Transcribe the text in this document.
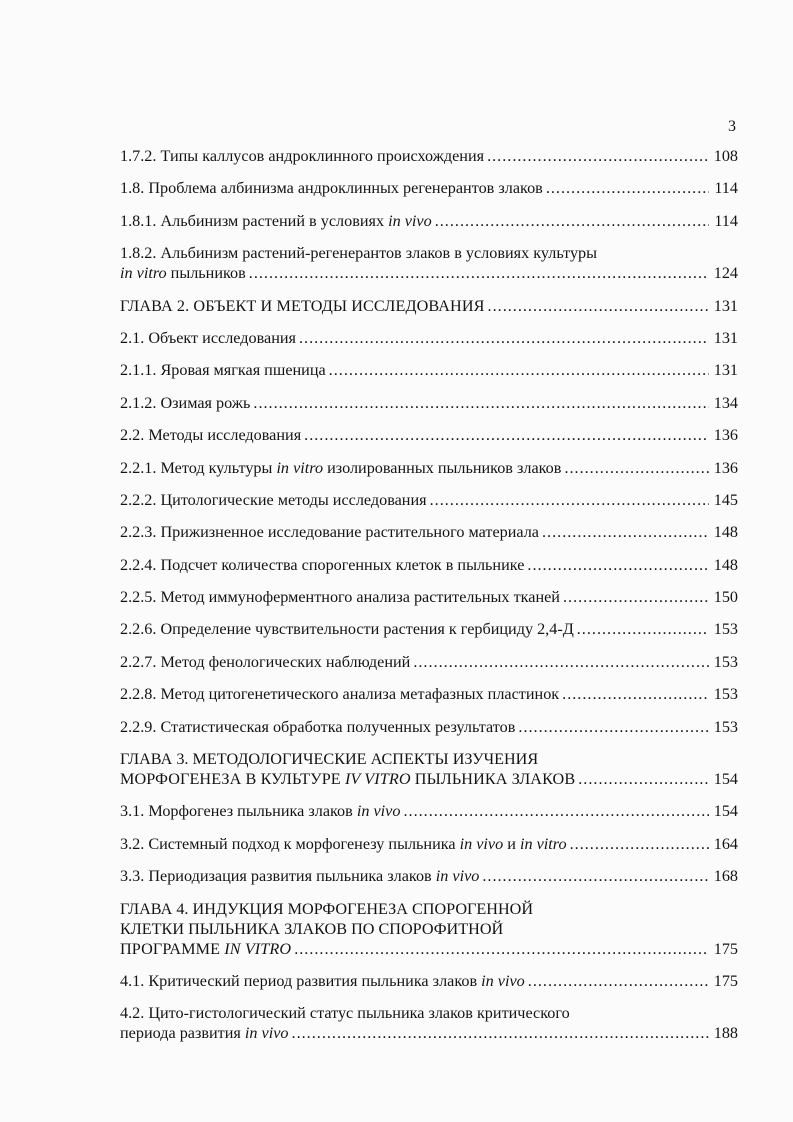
3
1.7.2. Типы каллусов андроклинного происхождения .....	108
1.8. Проблема албинизма андроклинных регенерантов злаков .....	114
1.8.1. Альбинизм растений в условиях in vivo .....	114
1.8.2. Альбинизм растений-регенерантов злаков в условиях культуры
in vitro пыльников .....	124
ГЛАВА 2. ОБЪЕКТ И МЕТОДЫ ИССЛЕДОВАНИЯ .....	131
2.1. Объект исследования .....	131
2.1.1. Яровая мягкая пшеница .....	131
2.1.2. Озимая рожь .....	134
2.2. Методы исследования .....	136
2.2.1. Метод культуры in vitro изолированных пыльников злаков .....	136
2.2.2. Цитологические методы исследования .....	145
2.2.3. Прижизненное исследование растительного материала .....	148
2.2.4. Подсчет количества спорогенных клеток в пыльнике .....	148
2.2.5. Метод иммуноферментного анализа растительных тканей .....	150
2.2.6. Определение чувствительности растения к гербициду 2,4-Д .....	153
2.2.7. Метод фенологических наблюдений .....	153
2.2.8. Метод цитогенетического анализа метафазных пластинок .....	153
2.2.9. Статистическая обработка полученных результатов .....	153
ГЛАВА 3. МЕТОДОЛОГИЧЕСКИЕ АСПЕКТЫ ИЗУЧЕНИЯ
МОРФОГЕНЕЗА В КУЛЬТУРЕ IV VITRO ПЫЛЬНИКА ЗЛАКОВ .....	154
3.1. Морфогенез пыльника злаков in vivo .....	154
3.2. Системный подход к морфогенезу пыльника in vivo и in vitro .....	164
3.3. Периодизация развития пыльника злаков in vivo .....	168
ГЛАВА 4. ИНДУКЦИЯ МОРФОГЕНЕЗА СПОРОГЕННОЙ
КЛЕТКИ ПЫЛЬНИКА ЗЛАКОВ ПО СПОРОФИТНОЙ
ПРОГРАММЕ IN VITRO .....	175
4.1. Критический период развития пыльника злаков in vivo .....	175
4.2. Цито-гистологический статус пыльника злаков критического
периода развития in vivo .....	188
